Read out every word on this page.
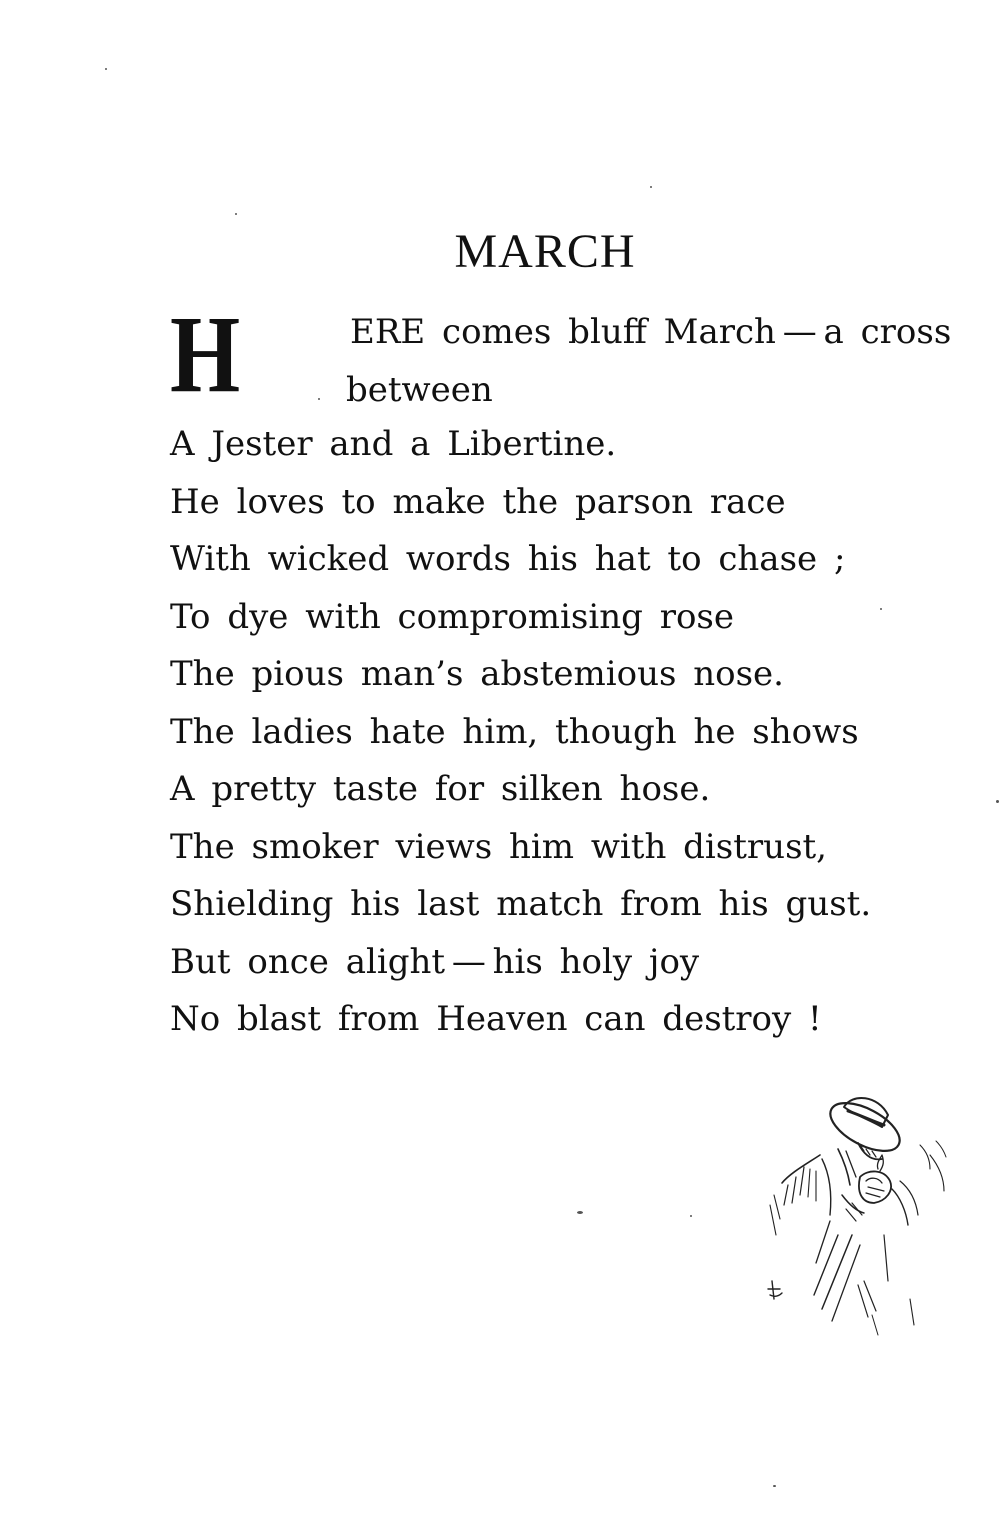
MARCH
H	ERE comes bluff March — a cross
between

A Jester and a Libertine.

He loves to make the parson race

With wicked words his hat to chase ;

To dye with compromising rose

The pious man’s abstemious nose.

The ladies hate him, though he shows

A pretty taste for silken hose.

The smoker views him with distrust,

Shielding his last match from his gust.

But once alight — his holy joy

No blast from Heaven can destroy !
